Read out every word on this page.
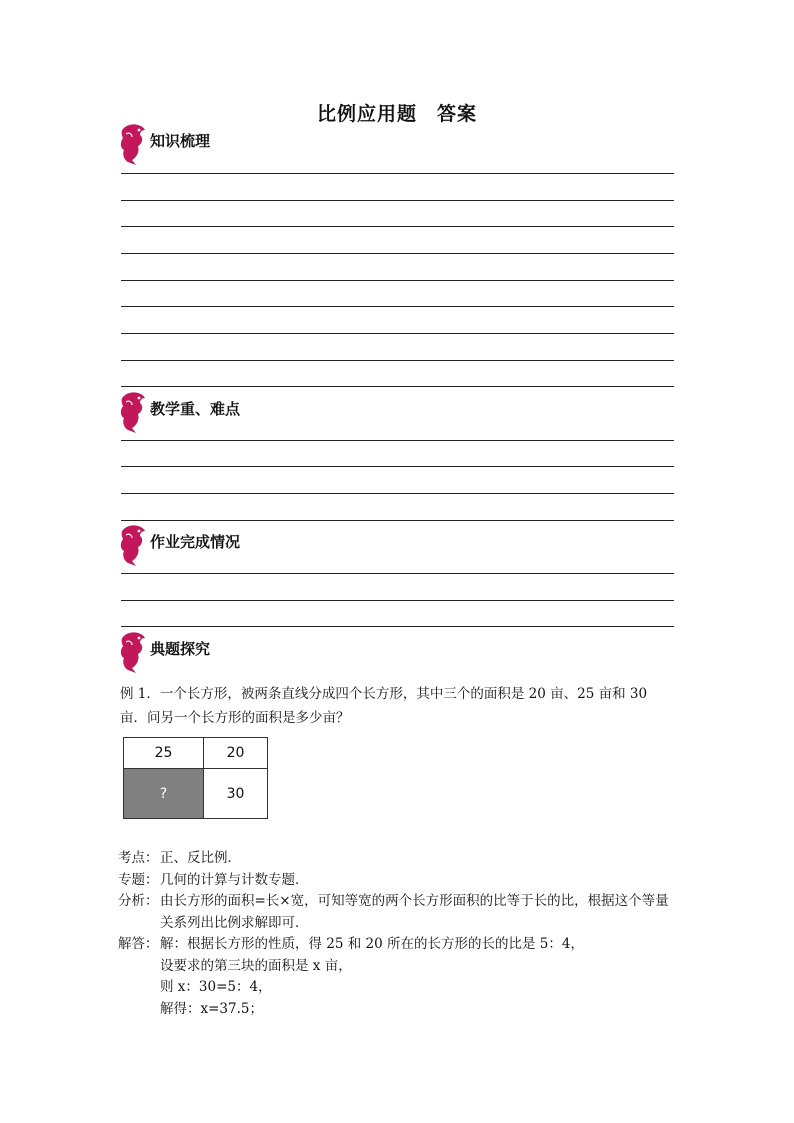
比例应用题　答案
知识梳理
教学重、难点
作业完成情况
典题探究
例 1．一个长方形，被两条直线分成四个长方形，其中三个的面积是 20 亩、25 亩和 30
亩．问另一个长方形的面积是多少亩？
25	20
?	30
考点： 正、反比例．
专题： 几何的计算与计数专题．
分析： 由长方形的面积=长×宽，可知等宽的两个长方形面积的比等于长的比，根据这个等量
关系列出比例求解即可．
解答： 解：根据长方形的性质，得 25 和 20 所在的长方形的长的比是 5：4，
设要求的第三块的面积是 x 亩，
则 x：30=5：4，
解得：x=37.5；
